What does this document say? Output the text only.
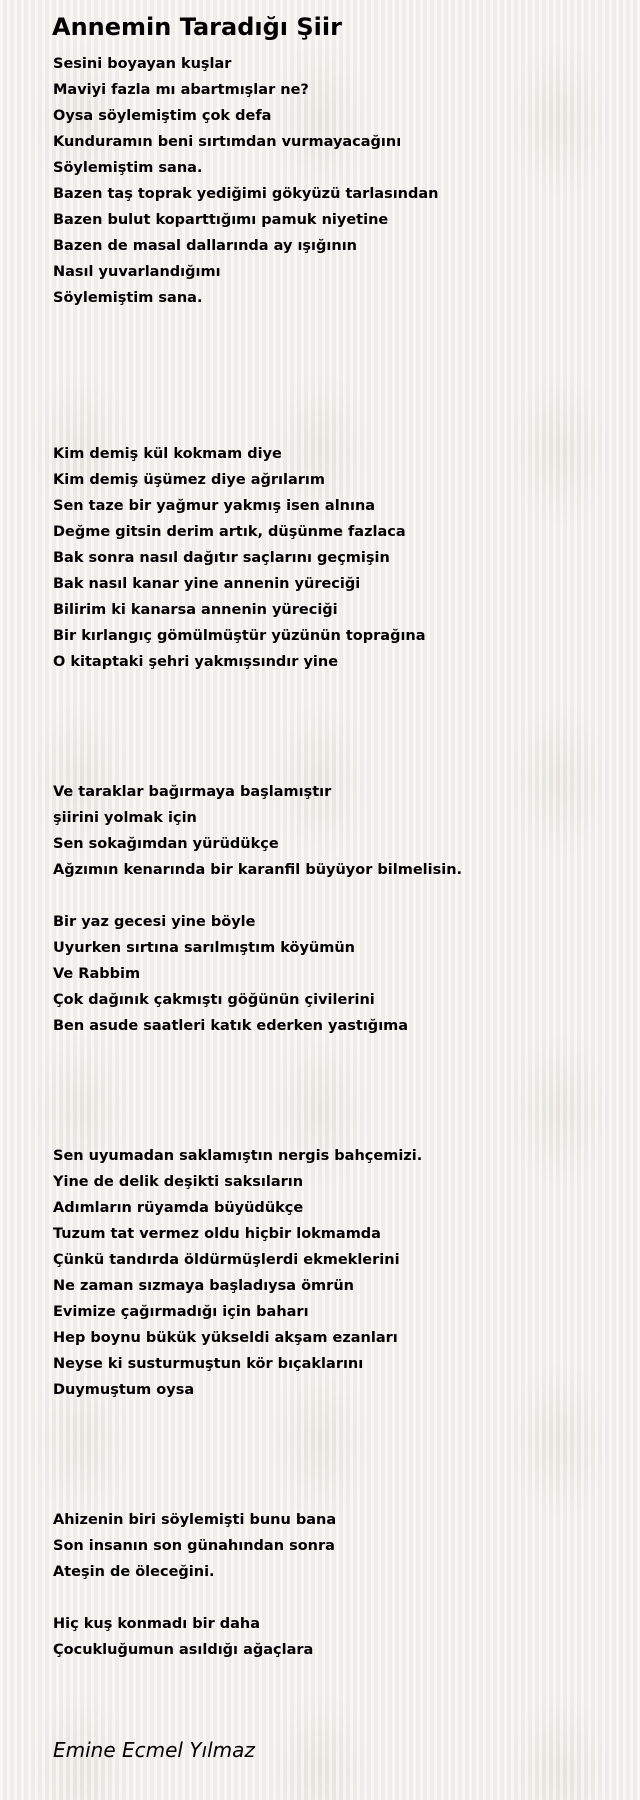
Annemin Taradığı Şiir
Sesini boyayan kuşlar
Maviyi fazla mı abartmışlar ne?
Oysa söylemiştim çok defa
Kunduramın beni sırtımdan vurmayacağını
Söylemiştim sana.
Bazen taş toprak yediğimi gökyüzü tarlasından
Bazen bulut koparttığımı pamuk niyetine
Bazen de masal dallarında ay ışığının
Nasıl yuvarlandığımı
Söylemiştim sana.
Kim demiş kül kokmam diye
Kim demiş üşümez diye ağrılarım
Sen taze bir yağmur yakmış isen alnına
Değme gitsin derim artık, düşünme fazlaca
Bak sonra nasıl dağıtır saçlarını geçmişin
Bak nasıl kanar yine annenin yüreciği
Bilirim ki kanarsa annenin yüreciği
Bir kırlangıç gömülmüştür yüzünün toprağına
O kitaptaki şehri yakmışsındır yine
Ve taraklar bağırmaya başlamıştır
şiirini yolmak için
Sen sokağımdan yürüdükçe
Ağzımın kenarında bir karanfil büyüyor bilmelisin.
Bir yaz gecesi yine böyle
Uyurken sırtına sarılmıştım köyümün
Ve Rabbim
Çok dağınık çakmıştı göğünün çivilerini
Ben asude saatleri katık ederken yastığıma
Sen uyumadan saklamıştın nergis bahçemizi.
Yine de delik deşikti saksıların
Adımların rüyamda büyüdükçe
Tuzum tat vermez oldu hiçbir lokmamda
Çünkü tandırda öldürmüşlerdi ekmeklerini
Ne zaman sızmaya başladıysa ömrün
Evimize çağırmadığı için baharı
Hep boynu bükük yükseldi akşam ezanları
Neyse ki susturmuştun kör bıçaklarını
Duymuştum oysa
Ahizenin biri söylemişti bunu bana
Son insanın son günahından sonra
Ateşin de öleceğini.
Hiç kuş konmadı bir daha
Çocukluğumun asıldığı ağaçlara
Emine Ecmel Yılmaz
